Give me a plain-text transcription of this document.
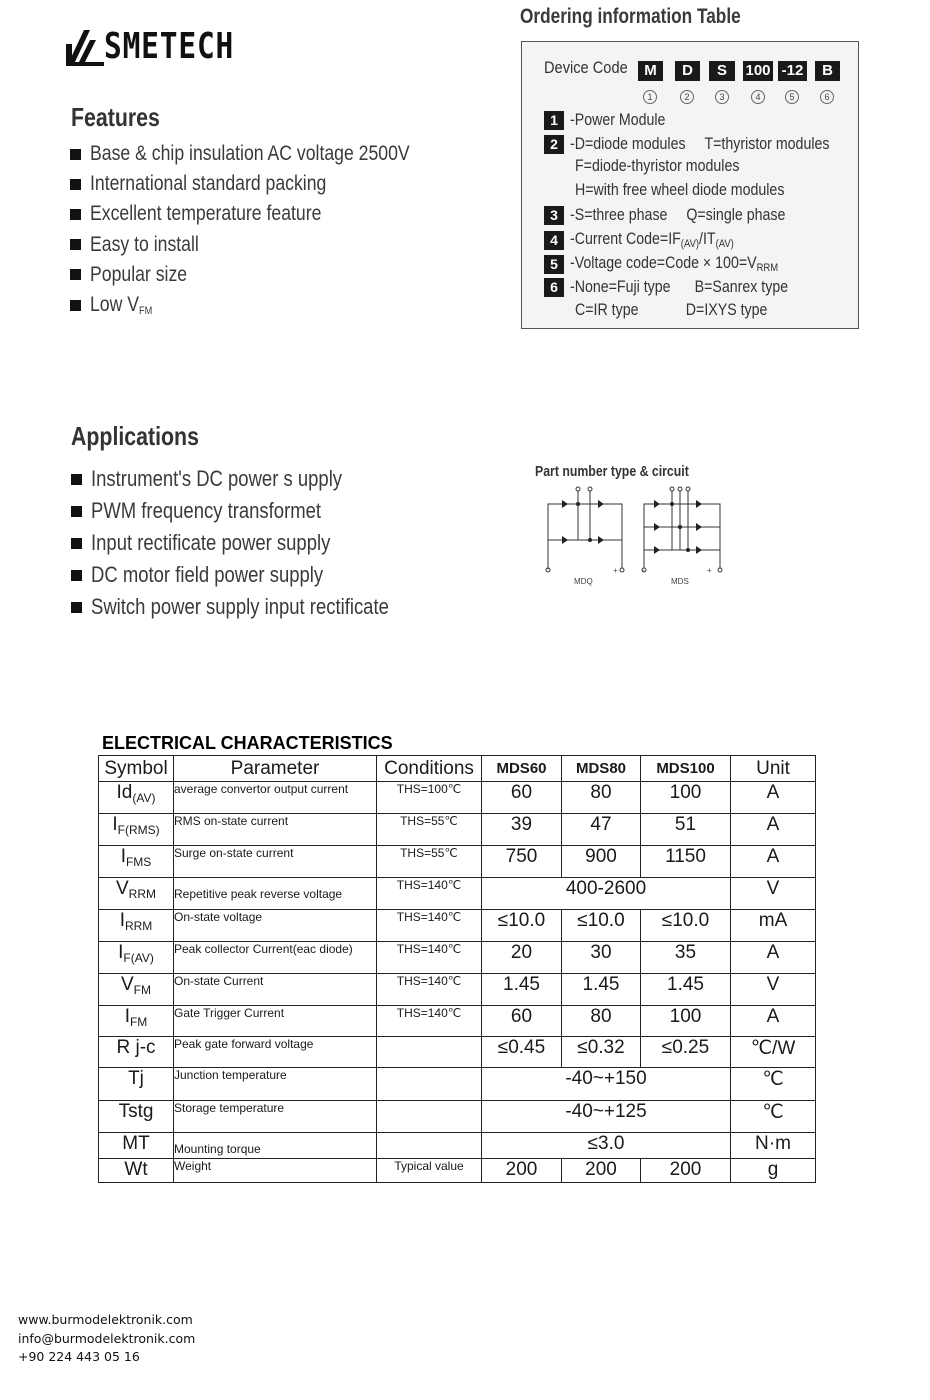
SMETECH
Features
Base & chip insulation AC voltage 2500V
International standard packing
Excellent temperature feature
Easy to install
Popular size
Low $V_{FM}$
Ordering information Table
Device Code	M	D	S	100 -12	B
1	2	3	4	5	6
1 -Power Module
2 -D=diode modules T=thyristor modules
F=diode-thyristor modules
H=with free wheel diode modules
3 -S=three phase Q=single phase
4 -Current $Code=IF_{(AV)}/IT_{(AV)}$
5 -Voltage code=Code × $100=V_{RRM}$
6 -None=Fuji type B=Sanrex type
C=IR type	D=IXYS type
Applications
Instrument's DC power s upply
PWM frequency transformet
Input rectificate power supply
DC motor field power supply
Switch power supply input rectificate
Part number type & circuit
-	+	-	+
MDQ	MDS
ELECTRICAL CHARACTERISTICS
Symbol	Parameter	Conditions	MDS60	MDS80	MDS100	Unit
$Id_{(AV)}$	average convertor output current	THS=100℃	60	80	100	A
$I_{F(RMS)}$	RMS on-state current	THS=55℃	39	47	51	A
$I_{FMS}$	Surge on-state current	THS=55℃	750	900	1150	A
$V_{RRM}$	Repetitive peak reverse voltage	THS=140℃	400-2600			V
$I_{RRM}$	On-state voltage	THS=140℃	≤10.0	≤10.0	≤10.0	mA
$I_{F(AV)}$	Peak collector Current(eac diode)	THS=140℃	20	30	35	A
$V_{FM}$	On-state Current	THS=140℃	1.45	1.45	1.45	V
$I_{FM}$	Gate Trigger Current	THS=140℃	60	80	100	A
R j-c	Peak gate forward voltage		≤0.45	≤0.32	≤0.25	℃/W
Tj	Junction temperature		-40~+150			℃
Tstg	Storage temperature		-40~+125			℃
MT	Mounting torque		≤3.0			N·m
Wt	Weight	Typical value	200	200	200	g
www.burmodelektronik.com
info@burmodelektronik.com
+90 224 443 05 16
